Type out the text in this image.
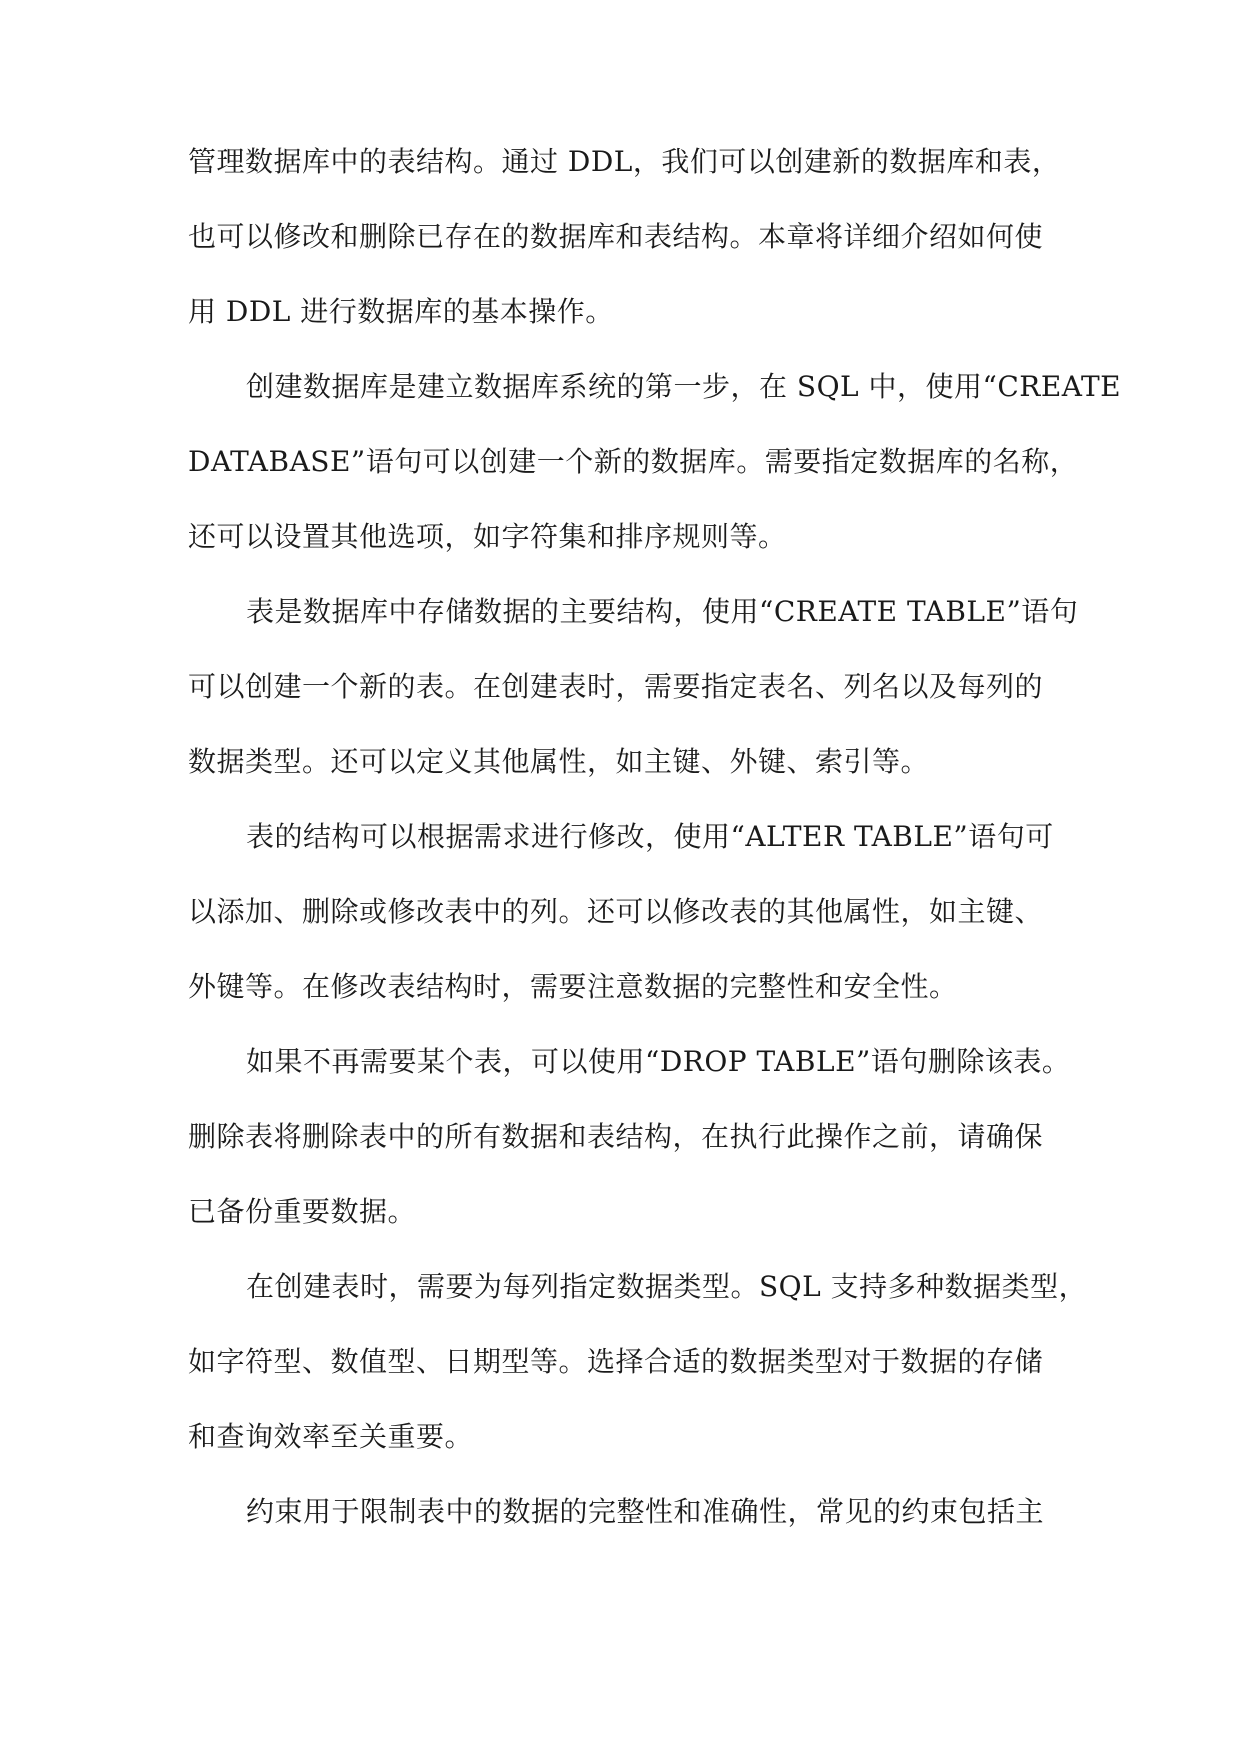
管理数据库中的表结构。通过 DDL，我们可以创建新的数据库和表，
也可以修改和删除已存在的数据库和表结构。本章将详细介绍如何使
用 DDL 进行数据库的基本操作。
创建数据库是建立数据库系统的第一步，在 SQL 中，使用“CREATE
DATABASE”语句可以创建一个新的数据库。需要指定数据库的名称，
还可以设置其他选项，如字符集和排序规则等。
表是数据库中存储数据的主要结构，使用“CREATE TABLE”语句
可以创建一个新的表。在创建表时，需要指定表名、列名以及每列的
数据类型。还可以定义其他属性，如主键、外键、索引等。
表的结构可以根据需求进行修改，使用“ALTER TABLE”语句可
以添加、删除或修改表中的列。还可以修改表的其他属性，如主键、
外键等。在修改表结构时，需要注意数据的完整性和安全性。
如果不再需要某个表，可以使用“DROP TABLE”语句删除该表。
删除表将删除表中的所有数据和表结构，在执行此操作之前，请确保
已备份重要数据。
在创建表时，需要为每列指定数据类型。SQL 支持多种数据类型，
如字符型、数值型、日期型等。选择合适的数据类型对于数据的存储
和查询效率至关重要。
约束用于限制表中的数据的完整性和准确性，常见的约束包括主
